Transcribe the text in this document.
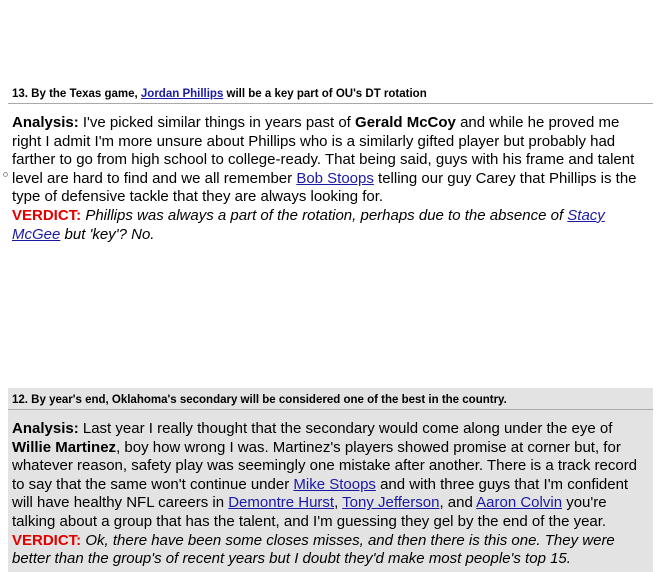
13. By the Texas game, Jordan Phillips will be a key part of OU's DT rotation
Analysis: I've picked similar things in years past of Gerald McCoy and while he proved me right I admit I'm more unsure about Phillips who is a similarly gifted player but probably had farther to go from high school to college-ready. That being said, guys with his frame and talent level are hard to find and we all remember Bob Stoops telling our guy Carey that Phillips is the type of defensive tackle that they are always looking for.
VERDICT: Phillips was always a part of the rotation, perhaps due to the absence of Stacy McGee but 'key'? No.
12. By year's end, Oklahoma's secondary will be considered one of the best in the country.
Analysis: Last year I really thought that the secondary would come along under the eye of Willie Martinez, boy how wrong I was. Martinez's players showed promise at corner but, for whatever reason, safety play was seemingly one mistake after another. There is a track record to say that the same won't continue under Mike Stoops and with three guys that I'm confident will have healthy NFL careers in Demontre Hurst, Tony Jefferson, and Aaron Colvin you're talking about a group that has the talent, and I'm guessing they gel by the end of the year.
VERDICT: Ok, there have been some closes misses, and then there is this one. They were better than the group's of recent years but I doubt they'd make most people's top 15.
